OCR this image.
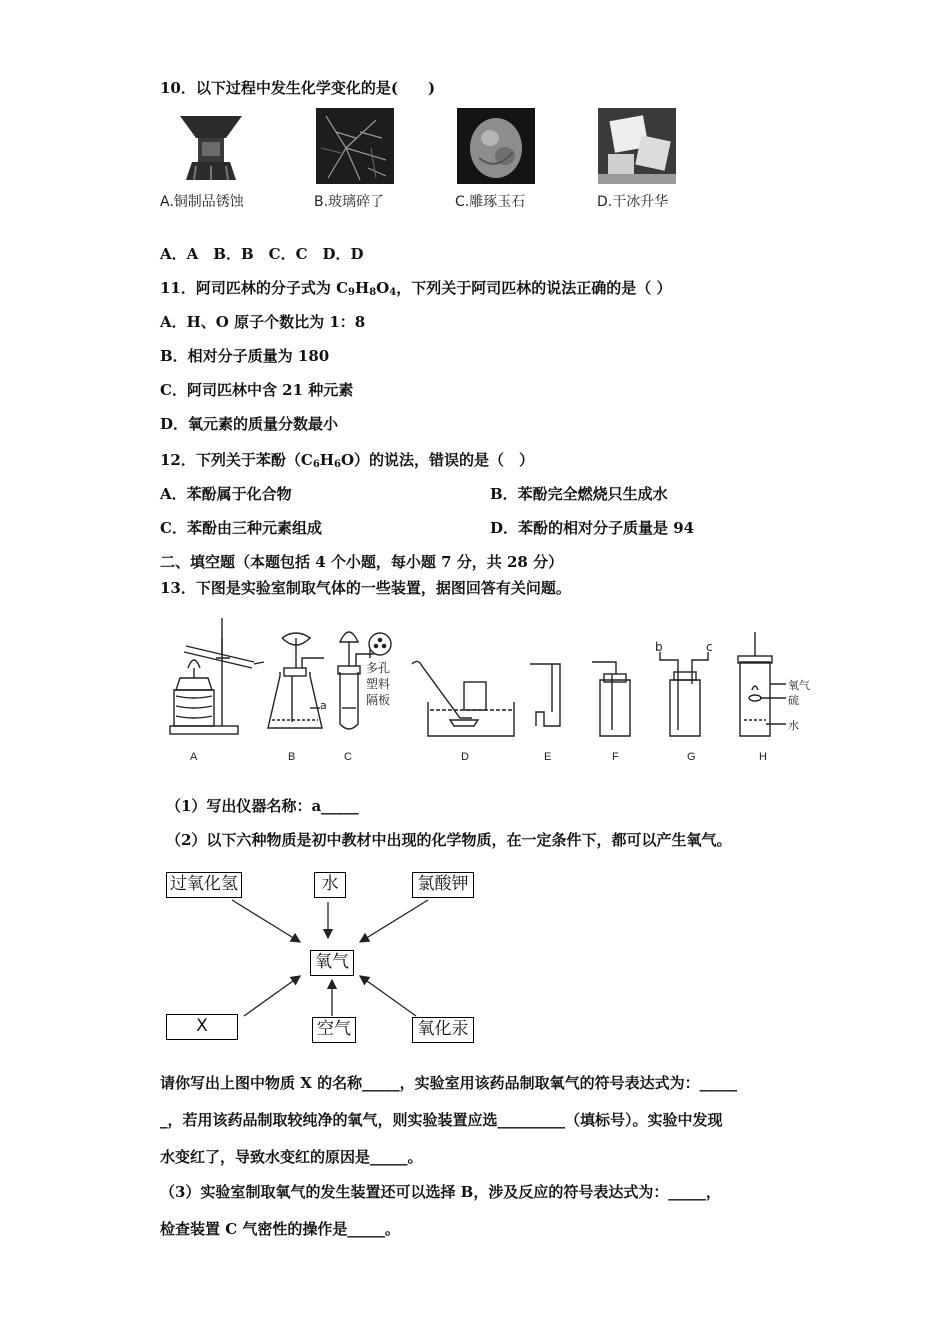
10．以下过程中发生化学变化的是(　　)
A.铜制品锈蚀	B.玻璃碎了	C.雕琢玉石	D.干冰升华
A．A　B．B　C．C　D．D
11．阿司匹林的分子式为 $C_9H_8O_4$，下列关于阿司匹林的说法正确的是（ ）
A．H、O 原子个数比为 1：8
B．相对分子质量为 180
C．阿司匹林中含 21 种元素
D．氧元素的质量分数最小
12．下列关于苯酚$(C_6H_6O)$的说法，错误的是（　）
A．苯酚属于化合物	B．苯酚完全燃烧只生成水
C．苯酚由三种元素组成	D．苯酚的相对分子质量是 94
二、填空题（本题包括 4 个小题，每小题 7 分，共 28 分）
13．下图是实验室制取气体的一些装置，据图回答有关问题。
a
b	c
多孔
塑料
隔板
氧气
硫
水
A	B	C	D	E	F	G	H
（1）写出仪器名称：a_____
（2）以下六种物质是初中教材中出现的化学物质，在一定条件下，都可以产生氧气。
过氧化氢	水	氯酸钾
氧气
X	空气	氧化汞
请你写出上图中物质 X 的名称_____，实验室用该药品制取氧气的符号表达式为：_____
_，若用该药品制取较纯净的氧气，则实验装置应选_________（填标号）。实验中发现
水变红了，导致水变红的原因是_____。
（3）实验室制取氧气的发生装置还可以选择 B，涉及反应的符号表达式为：_____，
检查装置 C 气密性的操作是_____。
